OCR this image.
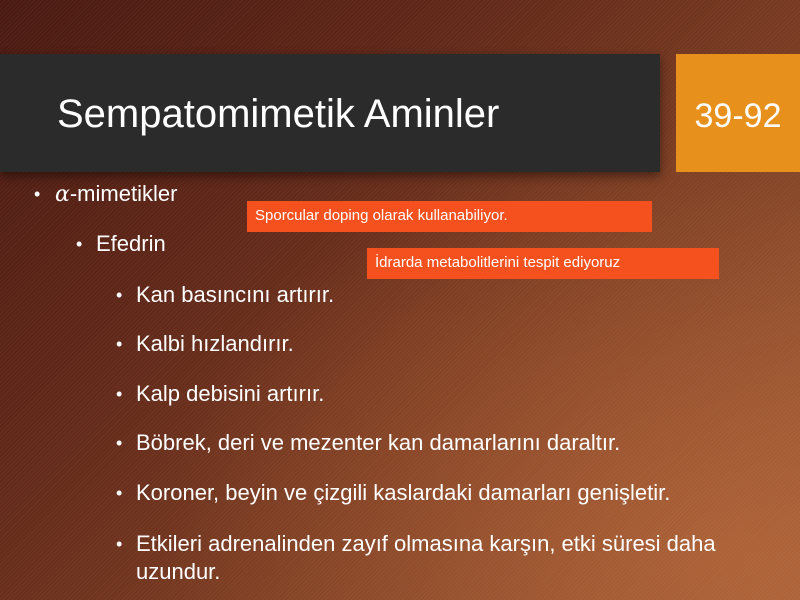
Sempatomimetik Aminler	39-92
• α-mimetikler
• Efedrin
• Kan basıncını artırır.
• Kalbi hızlandırır.
• Kalp debisini artırır.
• Böbrek, deri ve mezenter kan damarlarını daraltır.
• Koroner, beyin ve çizgili kaslardaki damarları genişletir.
• Etkileri adrenalinden zayıf olmasına karşın, etki süresi daha
uzundur.
Sporcular doping olarak kullanabiliyor.
İdrarda metabolitlerini tespit ediyoruz
